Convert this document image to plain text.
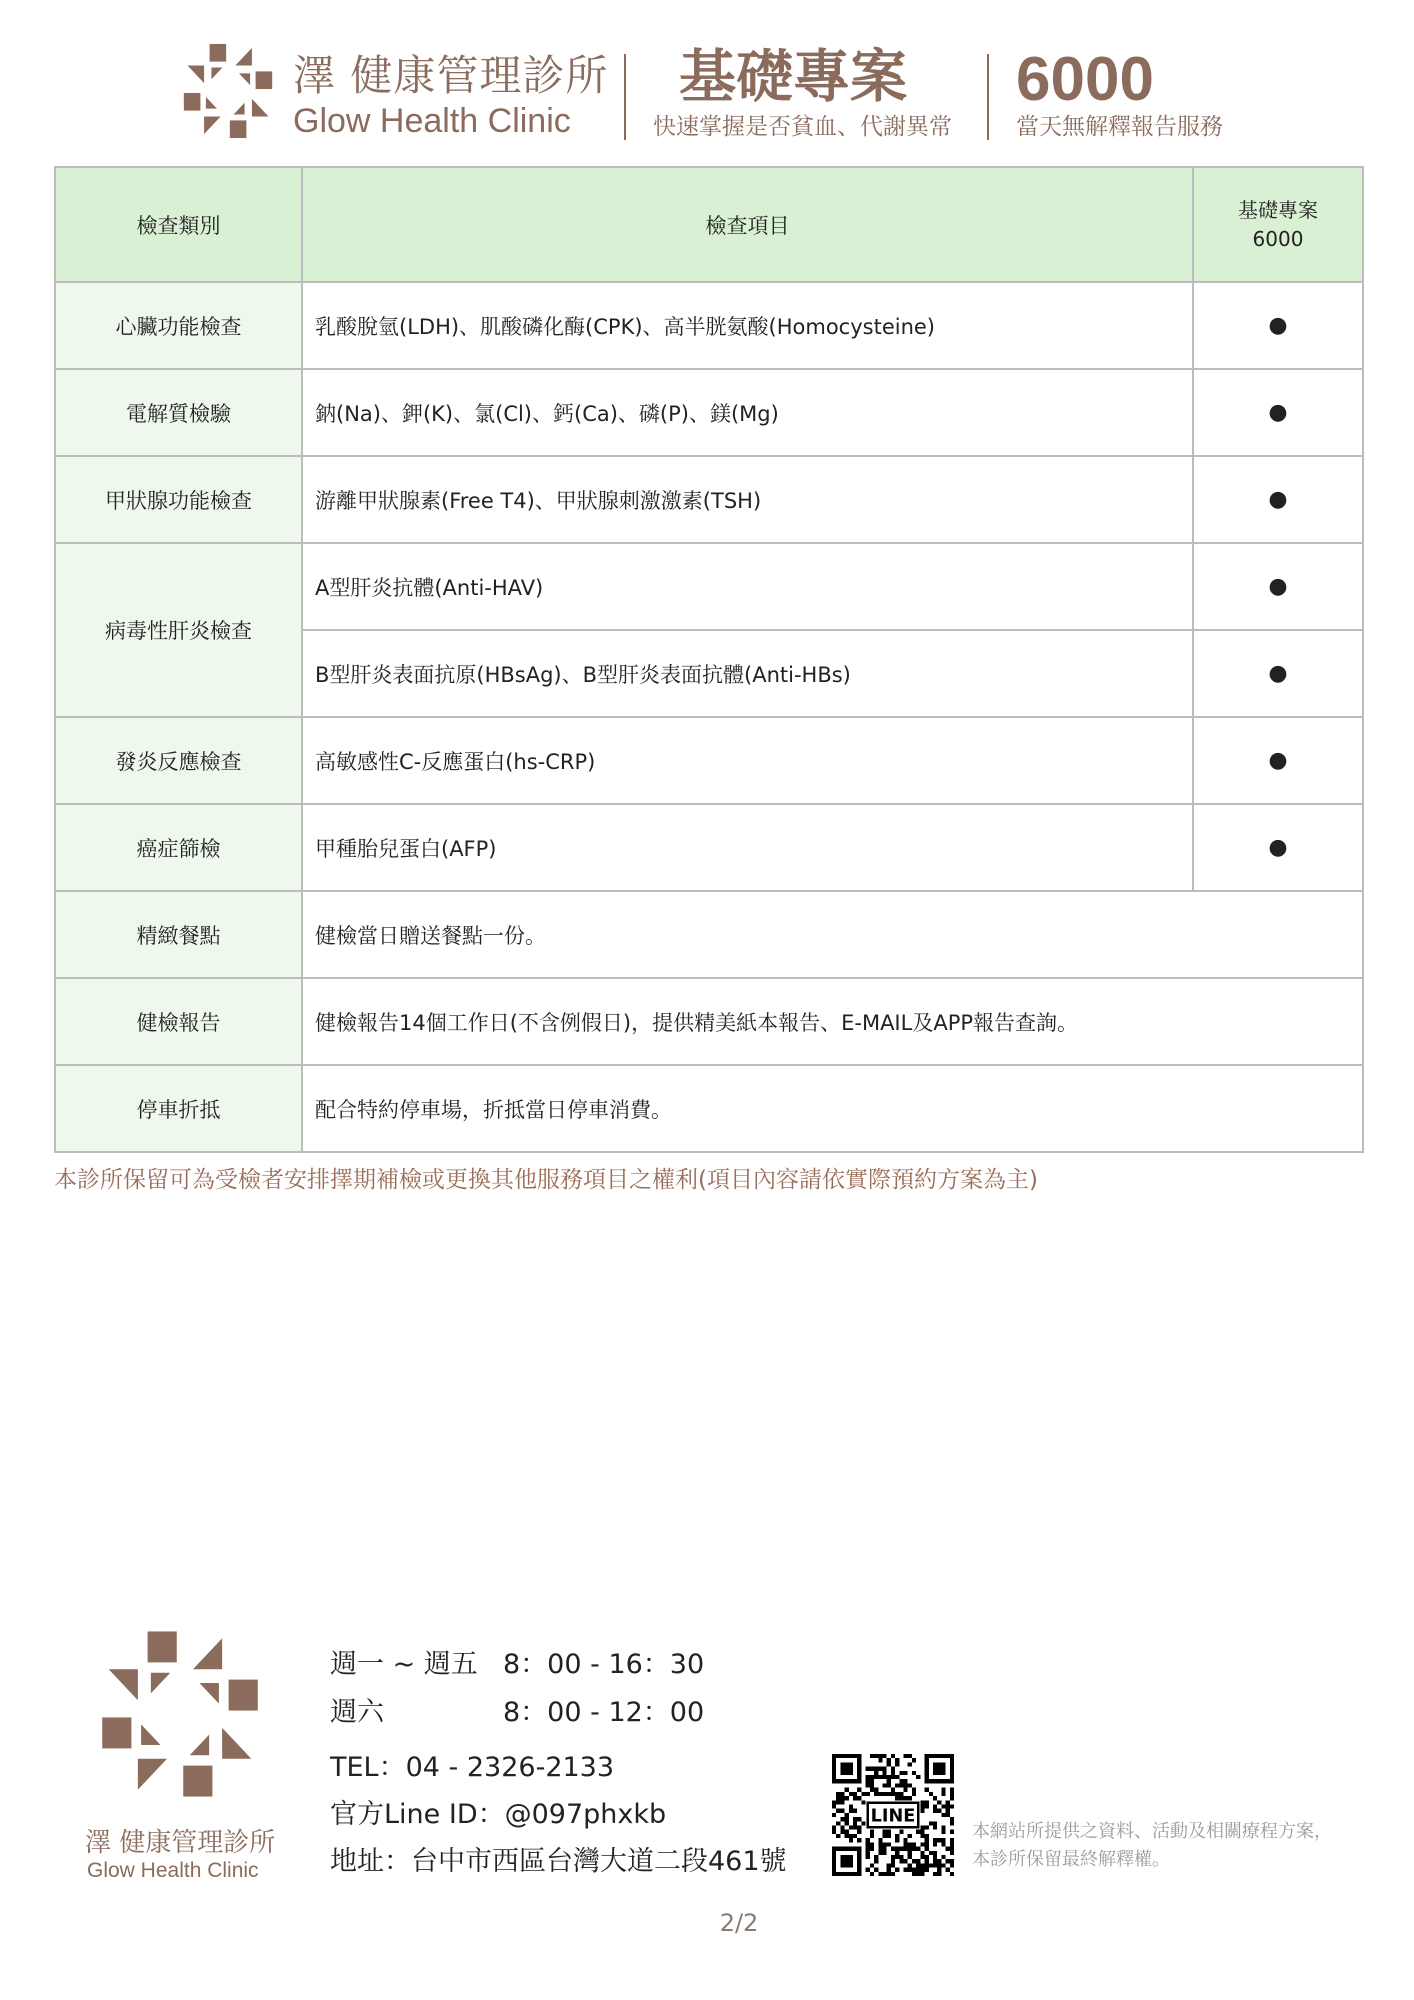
澤 健康管理診所
Glow Health Clinic
基礎專案
快速掌握是否貧血、代謝異常
6000
當天無解釋報告服務
檢查類別	檢查項目	基礎專案
6000

心臟功能檢查	乳酸脫氫(LDH)、肌酸磷化酶(CPK)、高半胱氨酸(Homocysteine)	●
電解質檢驗	鈉(Na)、鉀(K)、氯(Cl)、鈣(Ca)、磷(P)、鎂(Mg)	●
甲狀腺功能檢查	游離甲狀腺素(Free T4)、甲狀腺刺激激素(TSH)	●
病毒性肝炎檢查	A型肝炎抗體(Anti-HAV)	●
	B型肝炎表面抗原(HBsAg)、B型肝炎表面抗體(Anti-HBs)	●
發炎反應檢查	高敏感性C-反應蛋白(hs-CRP)	●
癌症篩檢	甲種胎兒蛋白(AFP)	●
精緻餐點	健檢當日贈送餐點一份。	
健檢報告	健檢報告14個工作日(不含例假日)，提供精美紙本報告、E-MAIL及APP報告查詢。	
停車折抵	配合特約停車場，折抵當日停車消費。	
本診所保留可為受檢者安排擇期補檢或更換其他服務項目之權利(項目內容請依實際預約方案為主)
澤 健康管理診所
Glow Health Clinic
週一 ~ 週五 8：00 - 16：30
週六	8：00 - 12：00
TEL：04 - 2326-2133
官方Line ID：@097phxkb
地址：台中市西區台灣大道二段461號
LINE
本網站所提供之資料、活動及相關療程方案，
本診所保留最終解釋權。
2/2
